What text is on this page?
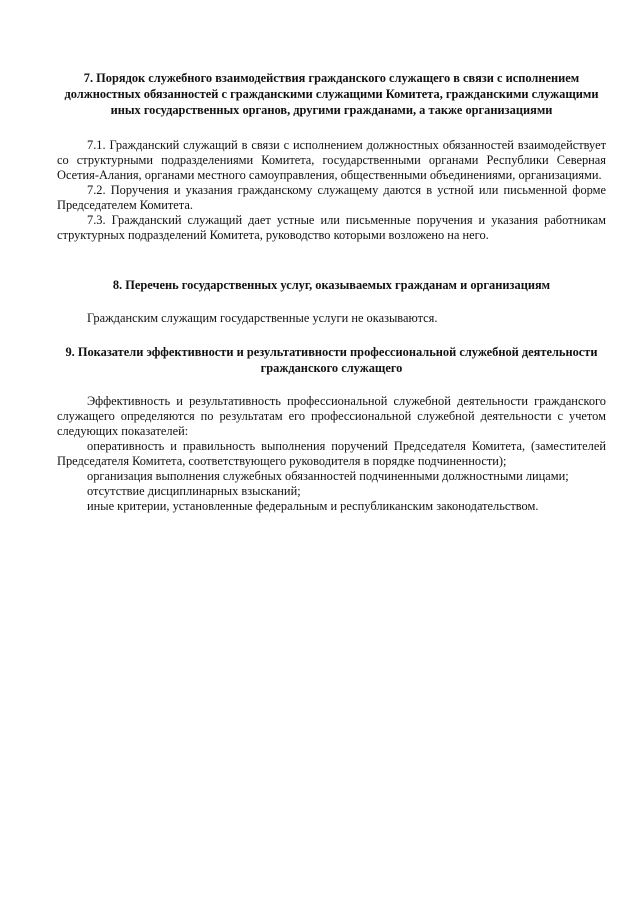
7. Порядок служебного взаимодействия гражданского служащего в связи с исполнением должностных обязанностей с гражданскими служащими Комитета, гражданскими служащими иных государственных органов, другими гражданами, а также организациями

7.1. Гражданский служащий в связи с исполнением должностных обязанностей взаимодействует со структурными подразделениями Комитета, государственными органами Республики Северная Осетия-Алания, органами местного самоуправления, общественными объединениями, организациями.

7.2. Поручения и указания гражданскому служащему даются в устной или письменной форме Председателем Комитета.

7.3. Гражданский служащий дает устные или письменные поручения и указания работникам структурных подразделений Комитета, руководство которыми возложено на него.

8. Перечень государственных услуг, оказываемых гражданам и организациям

Гражданским служащим государственные услуги не оказываются.

9. Показатели эффективности и результативности профессиональной служебной деятельности гражданского служащего

Эффективность и результативность профессиональной служебной деятельности гражданского служащего определяются по результатам его профессиональной служебной деятельности с учетом следующих показателей:

оперативность и правильность выполнения поручений Председателя Комитета, (заместителей Председателя Комитета, соответствующего руководителя в порядке подчиненности);

организация выполнения служебных обязанностей подчиненными должностными лицами;

отсутствие дисциплинарных взысканий;

иные критерии, установленные федеральным и республиканским законодательством.
